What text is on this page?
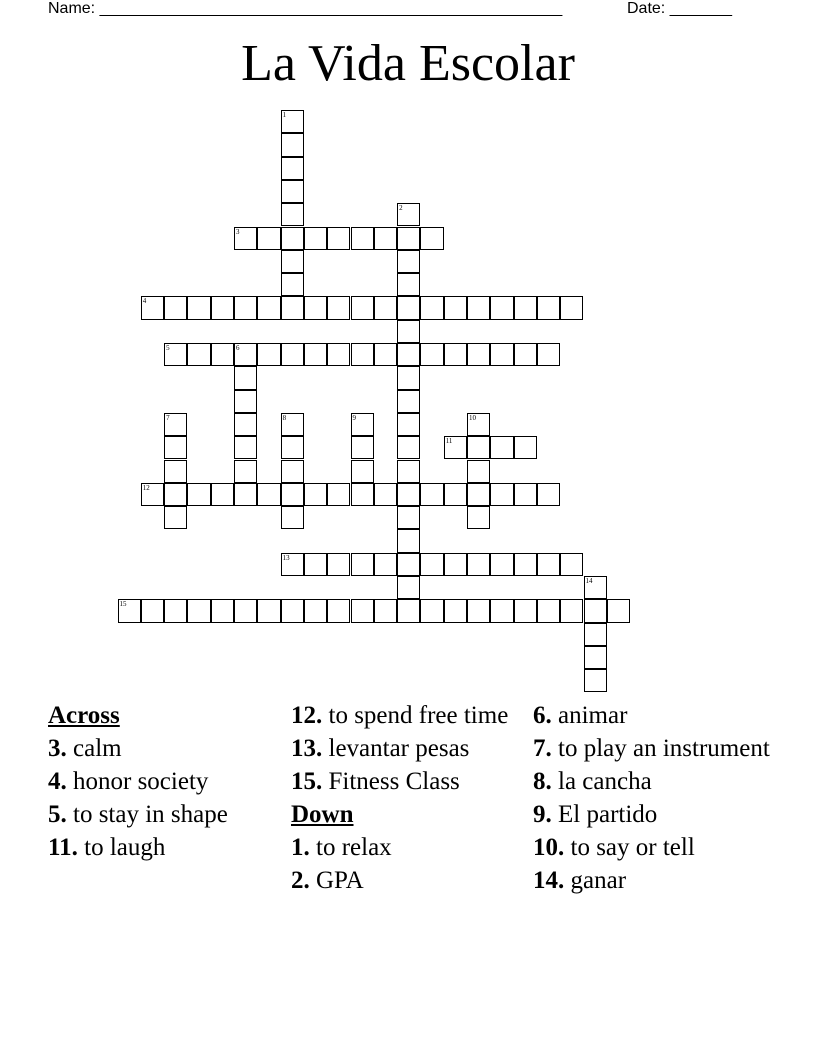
Name: ____________________________________________________	Date: _______
La Vida Escolar
1
2
3
4
5	6
7	8	9	10
11
12
13
14
15
Across
3. calm
4. honor society
5. to stay in shape
11. to laugh
12. to spend free time
13. levantar pesas
15. Fitness Class
Down
1. to relax
2. GPA
6. animar
7. to play an instrument
8. la cancha
9. El partido
10. to say or tell
14. ganar
